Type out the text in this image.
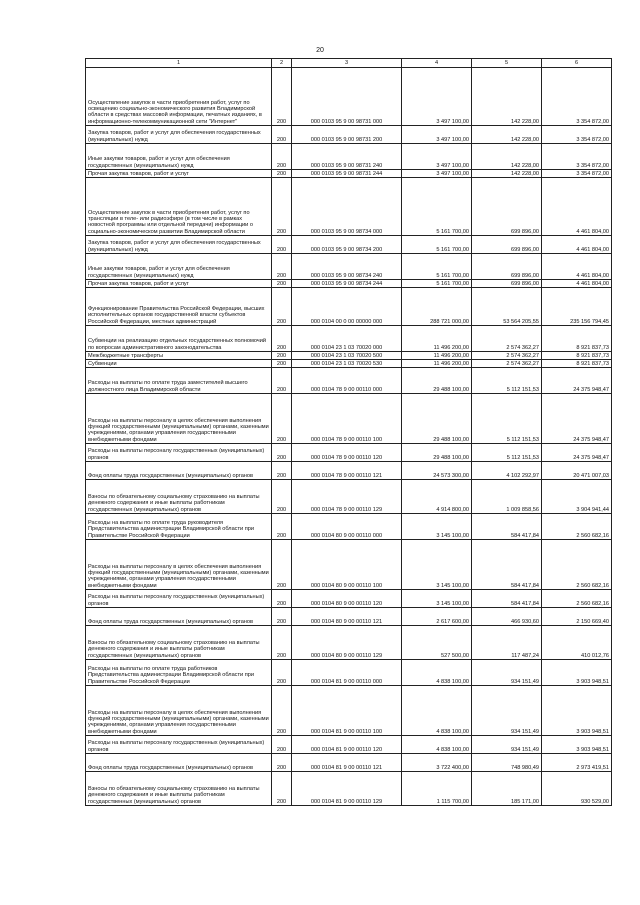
20
1	2	3	4	5	6
Осуществление закупок в части приобретения работ, услуг по освещению социально-экономического развития Владимирской области в средствах массовой информации, печатных изданиях, в информационно-телекоммуникационной сети "Интернет"	200	000 0103 95 9 00 98731 000	3 497 100,00	142 228,00	3 354 872,00
Закупка товаров, работ и услуг для обеспечения государственных (муниципальных) нужд	200	000 0103 95 9 00 98731 200	3 497 100,00	142 228,00	3 354 872,00
Иные закупки товаров, работ и услуг для обеспечения государственных (муниципальных) нужд	200	000 0103 95 9 00 98731 240	3 497 100,00	142 228,00	3 354 872,00
Прочая закупка товаров, работ и услуг	200	000 0103 95 9 00 98731 244	3 497 100,00	142 228,00	3 354 872,00
Осуществление закупок в части приобретения работ, услуг по трансляции в теле- или радиоэфире (в том числе в рамках новостной программы или отдельной передачи) информации о социально-экономическом развитии Владимирской области	200	000 0103 95 9 00 98734 000	5 161 700,00	699 896,00	4 461 804,00
Закупка товаров, работ и услуг для обеспечения государственных (муниципальных) нужд	200	000 0103 95 9 00 98734 200	5 161 700,00	699 896,00	4 461 804,00
Иные закупки товаров, работ и услуг для обеспечения государственных (муниципальных) нужд	200	000 0103 95 9 00 98734 240	5 161 700,00	699 896,00	4 461 804,00
Прочая закупка товаров, работ и услуг	200	000 0103 95 9 00 98734 244	5 161 700,00	699 896,00	4 461 804,00
Функционирование Правительства Российской Федерации, высших исполнительных органов государственной власти субъектов Российской Федерации, местных администраций	200	000 0104 00 0 00 00000 000	288 721 000,00	53 564 205,55	235 156 794,45
Субвенции на реализацию отдельных государственных полномочий по вопросам административного законодательства	200	000 0104 23 1 03 70020 000	11 496 200,00	2 574 362,27	8 921 837,73
Межбюджетные трансферты	200	000 0104 23 1 03 70020 500	11 496 200,00	2 574 362,27	8 921 837,73
Субвенции	200	000 0104 23 1 03 70020 530	11 496 200,00	2 574 362,27	8 921 837,73
Расходы на выплаты по оплате труда заместителей высшего должностного лица Владимирской области	200	000 0104 78 9 00 00110 000	29 488 100,00	5 112 151,53	24 375 948,47
Расходы на выплаты персоналу в целях обеспечения выполнения функций государственными (муниципальными) органами, казенными учреждениями, органами управления государственными внебюджетными фондами	200	000 0104 78 9 00 00110 100	29 488 100,00	5 112 151,53	24 375 948,47
Расходы на выплаты персоналу государственных (муниципальных) органов	200	000 0104 78 9 00 00110 120	29 488 100,00	5 112 151,53	24 375 948,47
Фонд оплаты труда государственных (муниципальных) органов	200	000 0104 78 9 00 00110 121	24 573 300,00	4 102 292,97	20 471 007,03
Взносы по обязательному социальному страхованию на выплаты денежного содержания и иные выплаты работникам государственных (муниципальных) органов	200	000 0104 78 9 00 00110 129	4 914 800,00	1 009 858,56	3 904 941,44
Расходы на выплаты по оплате труда руководителя Представительства администрации Владимирской области при Правительстве Российской Федерации	200	000 0104 80 9 00 00110 000	3 145 100,00	584 417,84	2 560 682,16
Расходы на выплаты персоналу в целях обеспечения выполнения функций государственными (муниципальными) органами, казенными учреждениями, органами управления государственными внебюджетными фондами	200	000 0104 80 9 00 00110 100	3 145 100,00	584 417,84	2 560 682,16
Расходы на выплаты персоналу государственных (муниципальных) органов	200	000 0104 80 9 00 00110 120	3 145 100,00	584 417,84	2 560 682,16
Фонд оплаты труда государственных (муниципальных) органов	200	000 0104 80 9 00 00110 121	2 617 600,00	466 930,60	2 150 669,40
Взносы по обязательному социальному страхованию на выплаты денежного содержания и иные выплаты работникам государственных (муниципальных) органов	200	000 0104 80 9 00 00110 129	527 500,00	117 487,24	410 012,76
Расходы на выплаты по оплате труда работников Представительства администрации Владимирской области при Правительстве Российской Федерации	200	000 0104 81 9 00 00110 000	4 838 100,00	934 151,49	3 903 948,51
Расходы на выплаты персоналу в целях обеспечения выполнения функций государственными (муниципальными) органами, казенными учреждениями, органами управления государственными внебюджетными фондами	200	000 0104 81 9 00 00110 100	4 838 100,00	934 151,49	3 903 948,51
Расходы на выплаты персоналу государственных (муниципальных) органов	200	000 0104 81 9 00 00110 120	4 838 100,00	934 151,49	3 903 948,51
Фонд оплаты труда государственных (муниципальных) органов	200	000 0104 81 9 00 00110 121	3 722 400,00	748 980,49	2 973 419,51
Взносы по обязательному социальному страхованию на выплаты денежного содержания и иные выплаты работникам государственных (муниципальных) органов	200	000 0104 81 9 00 00110 129	1 115 700,00	185 171,00	930 529,00
